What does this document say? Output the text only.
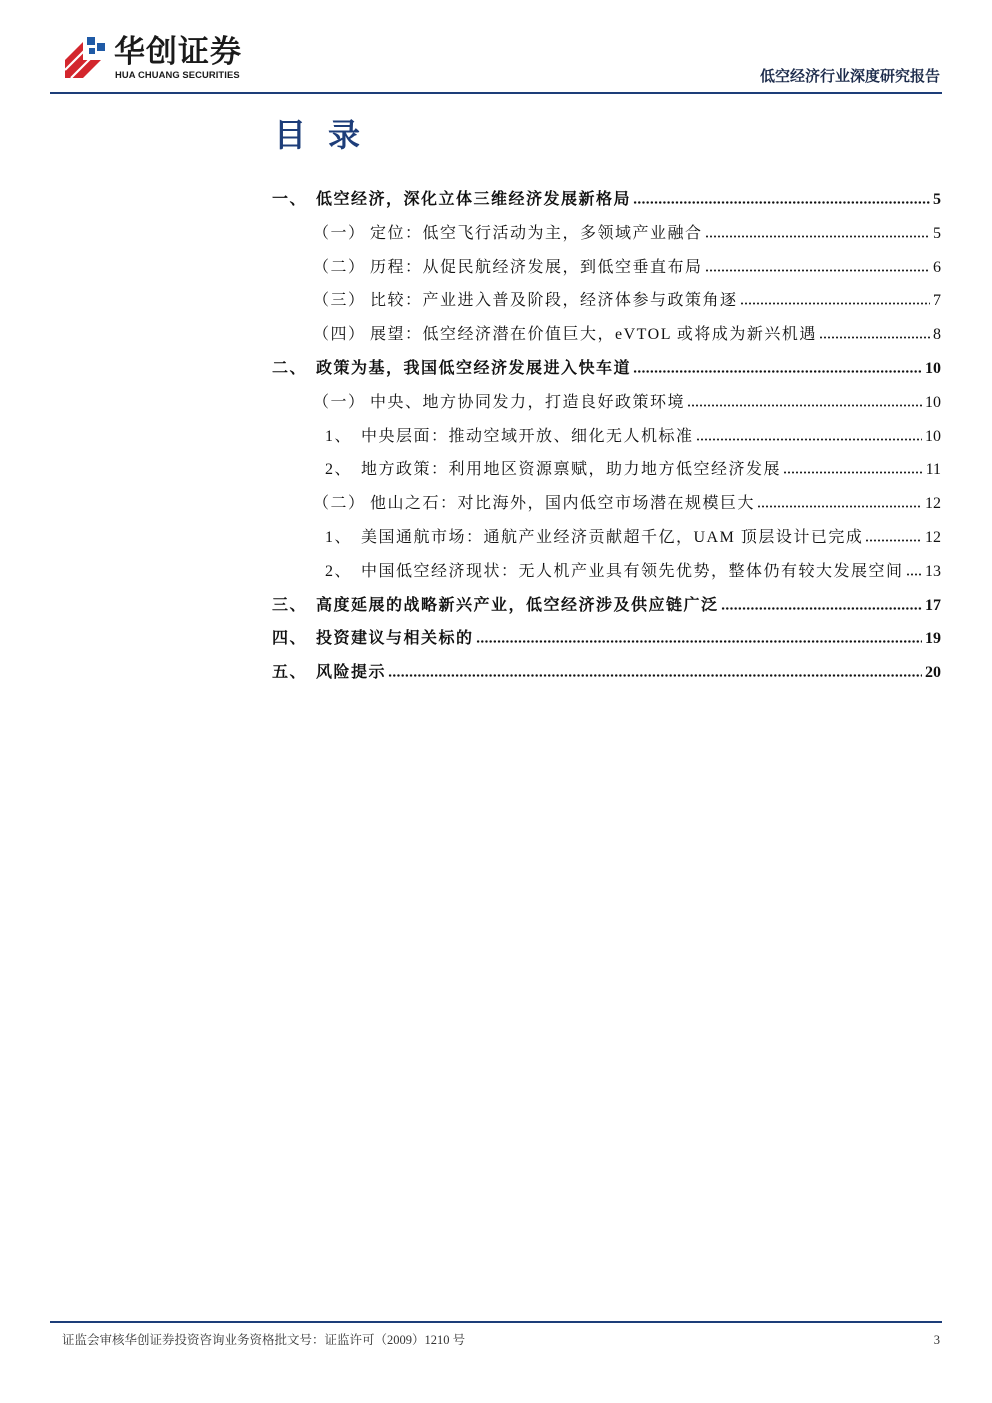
华创证券
HUA CHUANG SECURITIES	低空经济行业深度研究报告
目 录
一、 低空经济，深化立体三维经济发展新格局	5
（一） 定位：低空飞行活动为主，多领域产业融合	5
（二） 历程：从促民航经济发展，到低空垂直布局	6
（三） 比较：产业进入普及阶段，经济体参与政策角逐	7
（四） 展望：低空经济潜在价值巨大，eVTOL 或将成为新兴机遇	8
二、 政策为基，我国低空经济发展进入快车道	10
（一） 中央、地方协同发力，打造良好政策环境	10
1、 中央层面：推动空域开放、细化无人机标准	10
2、 地方政策：利用地区资源禀赋，助力地方低空经济发展	11
（二） 他山之石：对比海外，国内低空市场潜在规模巨大	12
1、 美国通航市场：通航产业经济贡献超千亿，UAM 顶层设计已完成	12
2、 中国低空经济现状：无人机产业具有领先优势，整体仍有较大发展空间 13
三、 高度延展的战略新兴产业，低空经济涉及供应链广泛	17
四、 投资建议与相关标的	19
五、 风险提示	20
证监会审核华创证券投资咨询业务资格批文号：证监许可（2009）1210 号	3
